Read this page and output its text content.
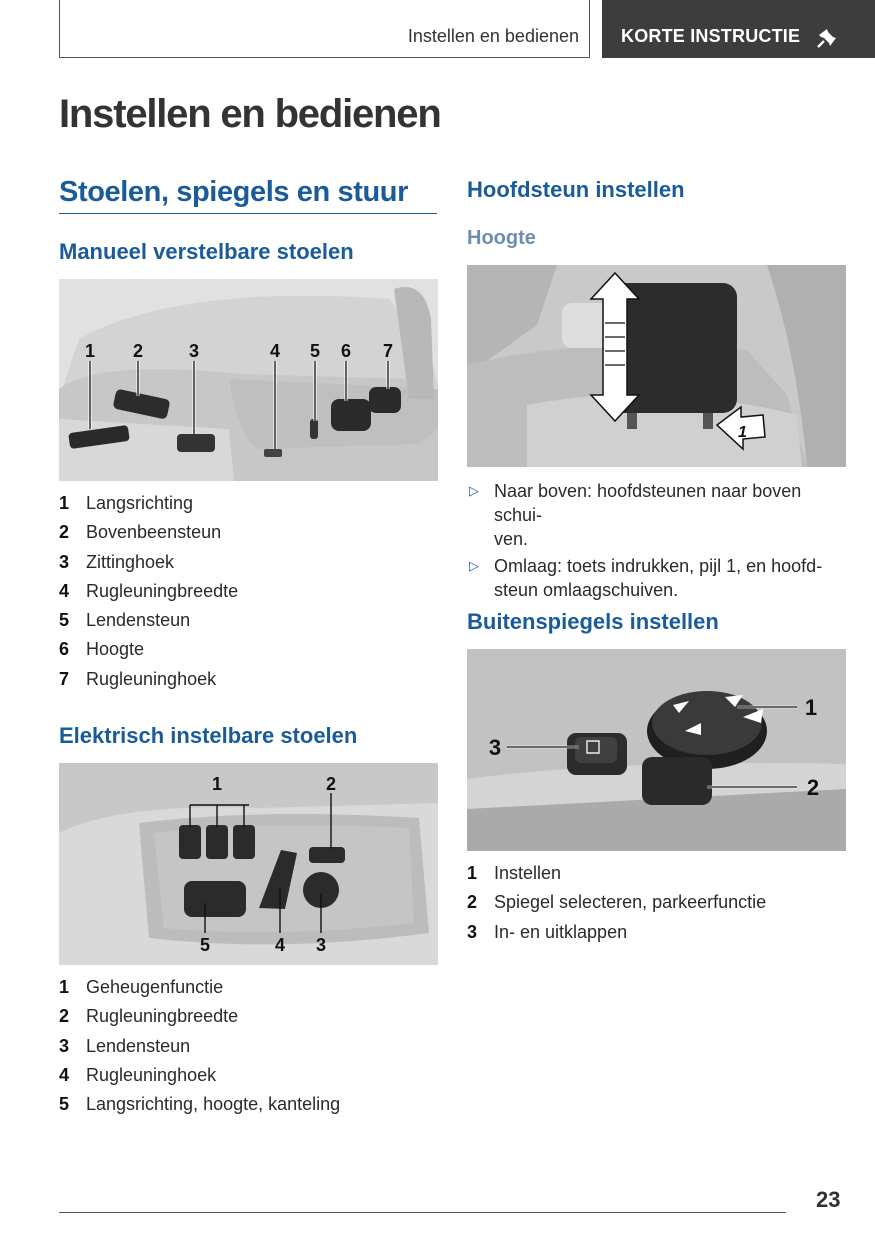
Instellen en bedienen KORTE INSTRUCTIE
Instellen en bedienen
Stoelen, spiegels en stuur
Manueel verstelbare stoelen
1 2	3	4 5 6 7
1 Langsrichting
2 Bovenbeensteun
3 Zittinghoek
4 Rugleuningbreedte
5 Lendensteun
6 Hoogte
7 Rugleuninghoek
Elektrisch instelbare stoelen
1	2
5	4 3
1 Geheugenfunctie
2 Rugleuningbreedte
3 Lendensteun
4 Rugleuninghoek
5 Langsrichting, hoogte, kanteling
Hoofdsteun instellen
Hoogte
1
▷ Naar boven: hoofdsteunen naar boven schui-
ven.
▷ Omlaag: toets indrukken, pijl 1, en hoofd-
steun omlaagschuiven.
Buitenspiegels instellen
1
2
3
1 Instellen
2 Spiegel selecteren, parkeerfunctie
3 In- en uitklappen
23
